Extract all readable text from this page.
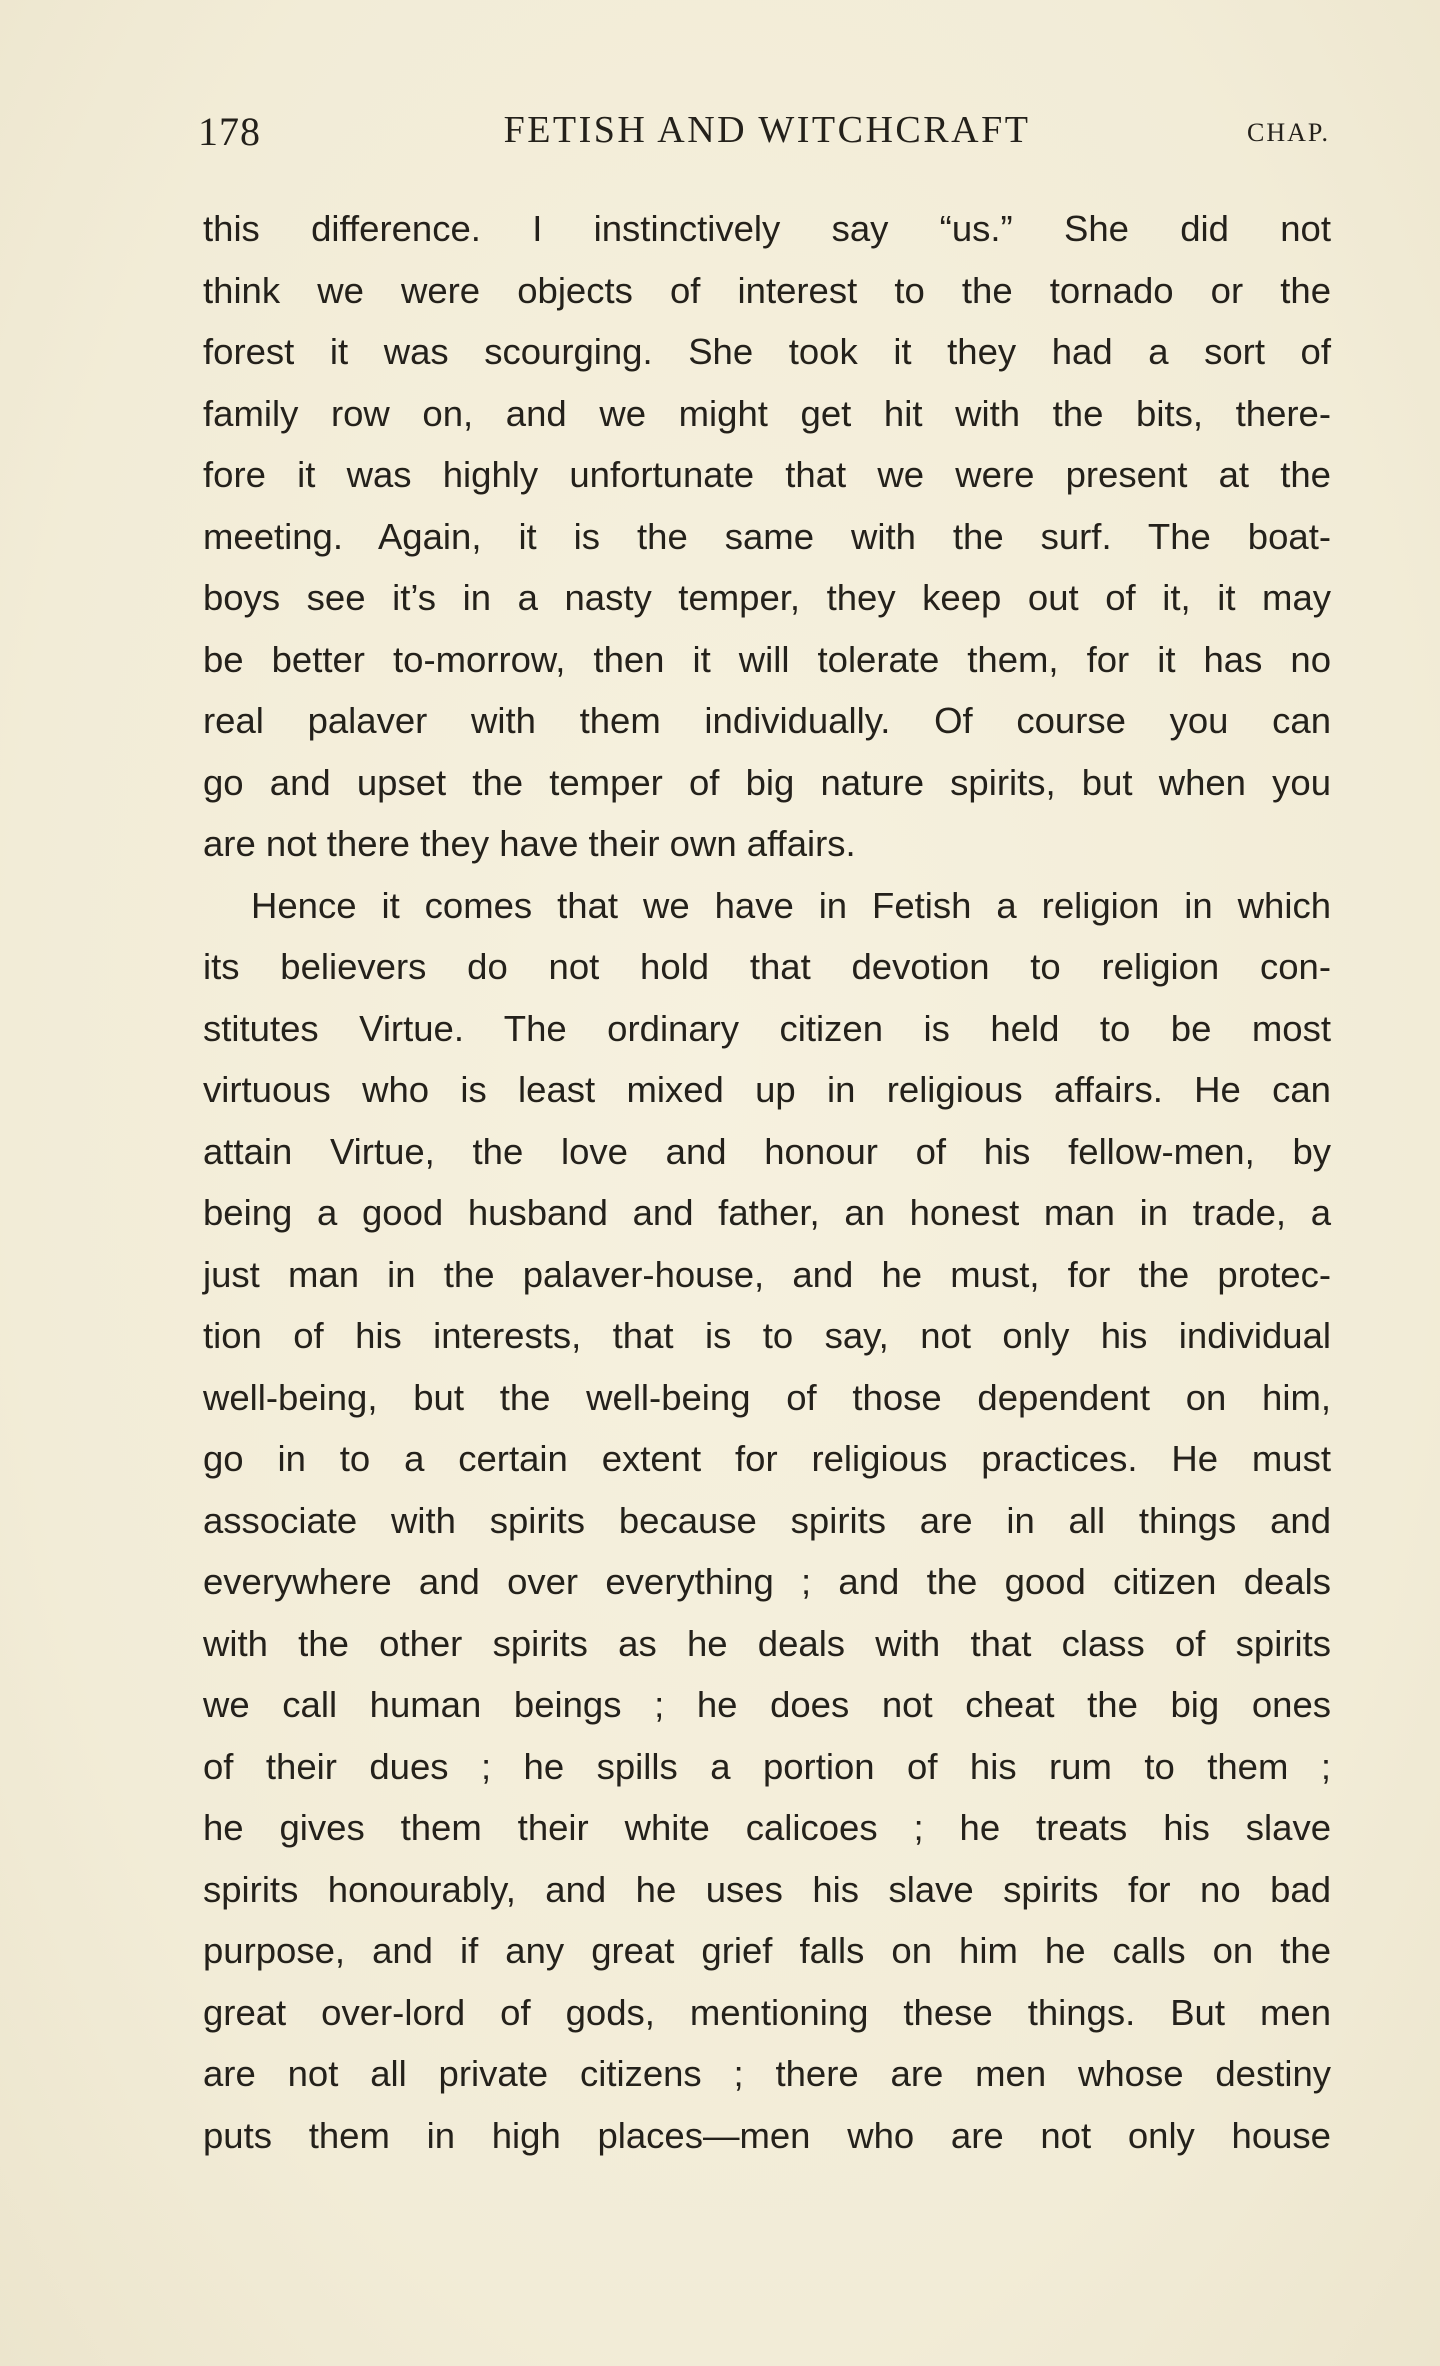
178	FETISH AND WITCHCRAFT	CHAP.

this difference. I instinctively say “us.” She did not
think we were objects of interest to the tornado or the
forest it was scourging. She took it they had a sort of
family row on, and we might get hit with the bits, there-
fore it was highly unfortunate that we were present at the
meeting. Again, it is the same with the surf. The boat-
boys see it’s in a nasty temper, they keep out of it, it may
be better to-morrow, then it will tolerate them, for it has no
real palaver with them individually. Of course you can
go and upset the temper of big nature spirits, but when you
are not there they have their own affairs.

Hence it comes that we have in Fetish a religion in which
its believers do not hold that devotion to religion con-
stitutes Virtue. The ordinary citizen is held to be most
virtuous who is least mixed up in religious affairs. He can
attain Virtue, the love and honour of his fellow-men, by
being a good husband and father, an honest man in trade, a
just man in the palaver-house, and he must, for the protec-
tion of his interests, that is to say, not only his individual
well-being, but the well-being of those dependent on him,
go in to a certain extent for religious practices. He must
associate with spirits because spirits are in all things and
everywhere and over everything ; and the good citizen deals
with the other spirits as he deals with that class of spirits
we call human beings ; he does not cheat the big ones
of their dues ; he spills a portion of his rum to them ;
he gives them their white calicoes ; he treats his slave
spirits honourably, and he uses his slave spirits for no bad
purpose, and if any great grief falls on him he calls on the
great over-lord of gods, mentioning these things. But men
are not all private citizens ; there are men whose destiny
puts them in high places—men who are not only house
